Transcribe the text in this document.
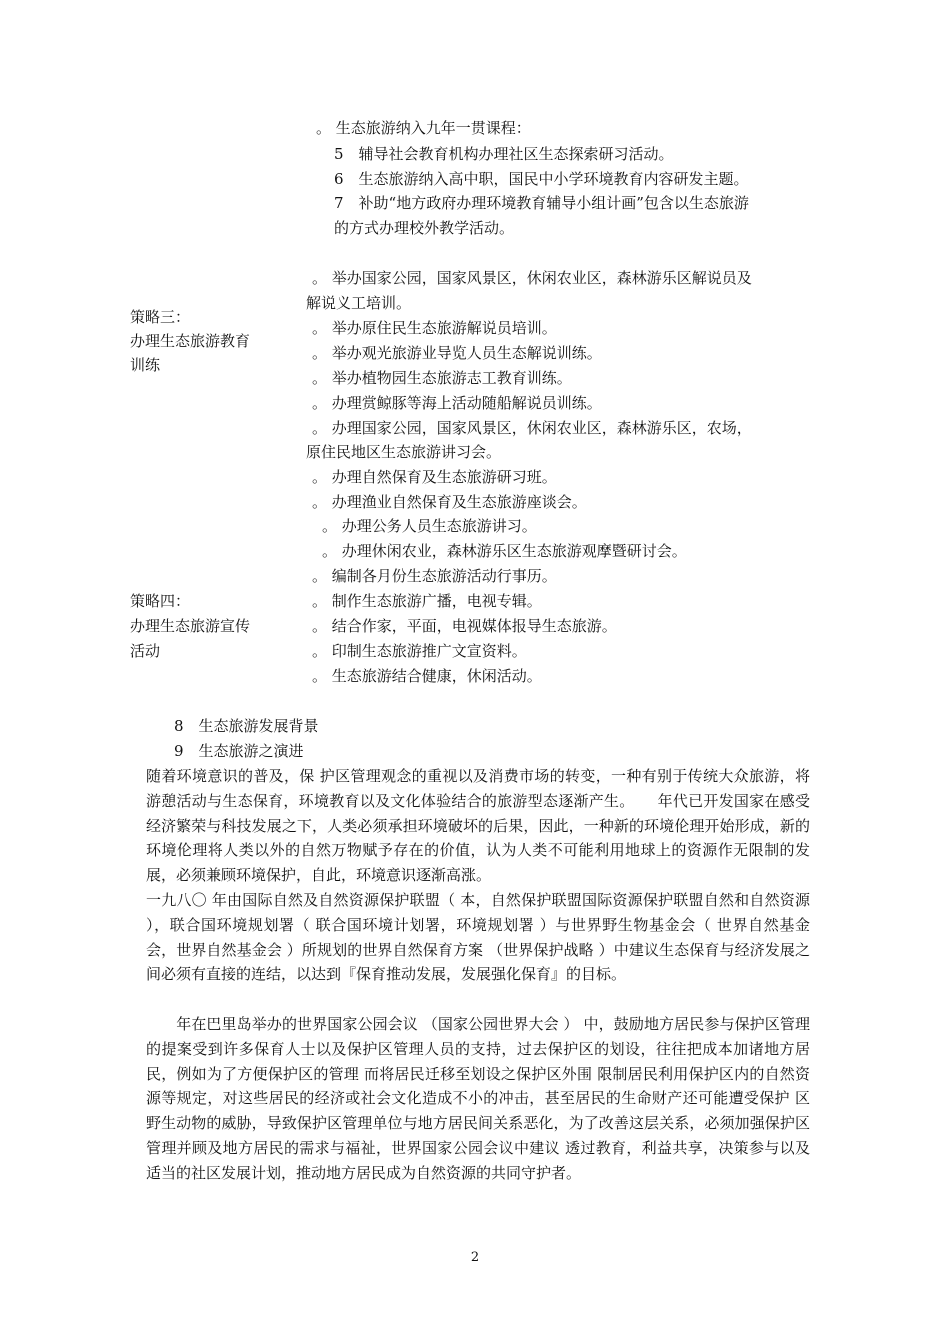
。 生态旅游纳入九年一贯课程：
5　辅导社会教育机构办理社区生态探索研习活动。
6　生态旅游纳入高中职，国民中小学环境教育内容研发主题。
7　补助“地方政府办理环境教育辅导小组计画”包含以生态旅游
的方式办理校外教学活动。
策略三：
办理生态旅游教育
训练
。 举办国家公园，国家风景区，休闲农业区，森林游乐区解说员及
解说义工培训。
。 举办原住民生态旅游解说员培训。
。 举办观光旅游业导览人员生态解说训练。
。 举办植物园生态旅游志工教育训练。
。 办理赏鲸豚等海上活动随船解说员训练。
。 办理国家公园，国家风景区，休闲农业区，森林游乐区，农场，
原住民地区生态旅游讲习会。
。 办理自然保育及生态旅游研习班。
。 办理渔业自然保育及生态旅游座谈会。
。 办理公务人员生态旅游讲习。
。 办理休闲农业，森林游乐区生态旅游观摩暨研讨会。
策略四：
办理生态旅游宣传
活动
。 编制各月份生态旅游活动行事历。
。 制作生态旅游广播，电视专辑。
。 结合作家，平面，电视媒体报导生态旅游。
。 印制生态旅游推广文宣资料。
。 生态旅游结合健康，休闲活动。
8　生态旅游发展背景
9　生态旅游之演进
随着环境意识的普及，保 护区管理观念的重视以及消费市场的转变，一种有别于传统大众旅游，将游憩活动与生态保育，环境教育以及文化体验结合的旅游型态逐渐产生。　　年代已开发国家在感受经济繁荣与科技发展之下，人类必须承担环境破坏的后果，因此，一种新的环境伦理开始形成，新的环境伦理将人类以外的自然万物赋予存在的价值，认为人类不可能利用地球上的资源作无限制的发展，必须兼顾环境保护，自此，环境意识逐渐高涨。
一九八〇 年由国际自然及自然资源保护联盟（ 本，自然保护联盟国际资源保护联盟自然和自然资源 ），联合国环境规划署（ 联合国环境计划署，环境规划署 ）与世界野生物基金会（ 世界自然基金会，世界自然基金会 ）所规划的世界自然保育方案 （世界保护战略 ）中建议生态保育与经济发展之间必须有直接的连结，以达到『保育推动发展，发展强化保育』的目标。
　　年在巴里岛举办的世界国家公园会议 （国家公园世界大会 ） 中，鼓励地方居民参与保护区管理的提案受到许多保育人士以及保护区管理人员的支持，过去保护区的划设，往往把成本加诸地方居民，例如为了方便保护区的管理 而将居民迁移至划设之保护区外围 限制居民利用保护区内的自然资源等规定，对这些居民的经济或社会文化造成不小的冲击，甚至居民的生命财产还可能遭受保护 区野生动物的威胁，导致保护区管理单位与地方居民间关系恶化，为了改善这层关系，必须加强保护区管理并顾及地方居民的需求与福祉，世界国家公园会议中建议 透过教育，利益共享，决策参与以及适当的社区发展计划，推动地方居民成为自然资源的共同守护者。
2
